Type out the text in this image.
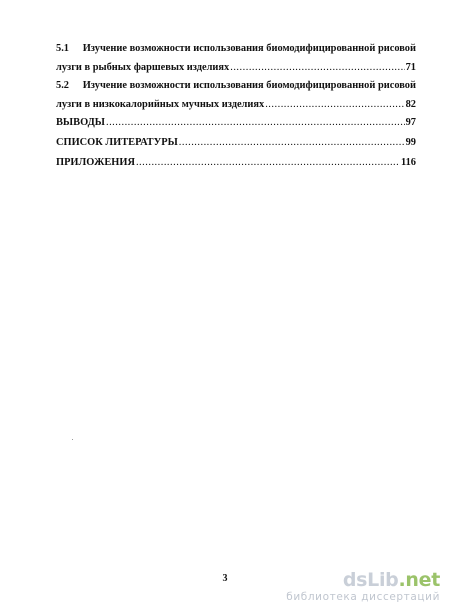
5.1 Изучение возможности использования биомодифицированной рисовой
лузги в рыбных фаршевых изделиях .....	71
5.2 Изучение возможности использования биомодифицированной рисовой
лузги в низкокалорийных мучных изделиях .....	82
ВЫВОДЫ .....	97
СПИСОК ЛИТЕРАТУРЫ .....	99
ПРИЛОЖЕНИЯ .....	116
3	dsLib.net
библиотека диссертаций
